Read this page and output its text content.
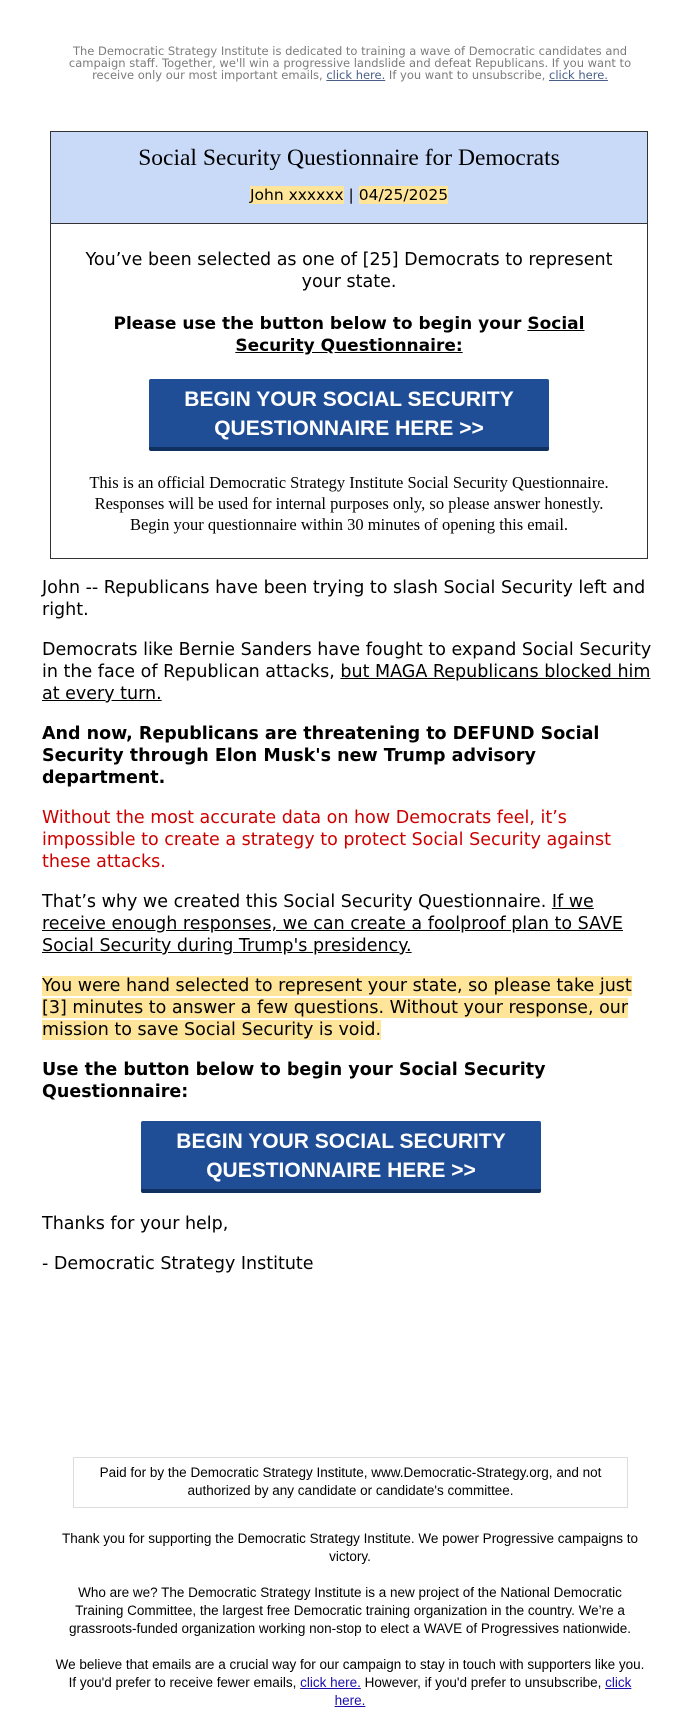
The Democratic Strategy Institute is dedicated to training a wave of Democratic candidates and campaign staff. Together, we'll win a progressive landslide and defeat Republicans. If you want to receive only our most important emails, click here. If you want to unsubscribe, click here.
Social Security Questionnaire for Democrats
John xxxxxx | 04/25/2025
You’ve been selected as one of [25] Democrats to represent your state.
Please use the button below to begin your Social Security Questionnaire:
BEGIN YOUR SOCIAL SECURITY
QUESTIONNAIRE HERE >>
This is an official Democratic Strategy Institute Social Security Questionnaire. Responses will be used for internal purposes only, so please answer honestly. Begin your questionnaire within 30 minutes of opening this email.

John -- Republicans have been trying to slash Social Security left and right.

Democrats like Bernie Sanders have fought to expand Social Security in the face of Republican attacks, but MAGA Republicans blocked him at every turn.

And now, Republicans are threatening to DEFUND Social Security through Elon Musk's new Trump advisory department.

Without the most accurate data on how Democrats feel, it’s impossible to create a strategy to protect Social Security against these attacks.

That’s why we created this Social Security Questionnaire. If we receive enough responses, we can create a foolproof plan to SAVE Social Security during Trump's presidency.

You were hand selected to represent your state, so please take just [3] minutes to answer a few questions. Without your response, our mission to save Social Security is void.

Use the button below to begin your Social Security Questionnaire:

BEGIN YOUR SOCIAL SECURITY
QUESTIONNAIRE HERE >>

Thanks for your help,

- Democratic Strategy Institute

Paid for by the Democratic Strategy Institute, www.Democratic-Strategy.org, and not authorized by any candidate or candidate's committee.

Thank you for supporting the Democratic Strategy Institute. We power Progressive campaigns to victory.

Who are we? The Democratic Strategy Institute is a new project of the National Democratic Training Committee, the largest free Democratic training organization in the country. We’re a grassroots-funded organization working non-stop to elect a WAVE of Progressives nationwide.

We believe that emails are a crucial way for our campaign to stay in touch with supporters like you. If you'd prefer to receive fewer emails, click here. However, if you'd prefer to unsubscribe, click here.
